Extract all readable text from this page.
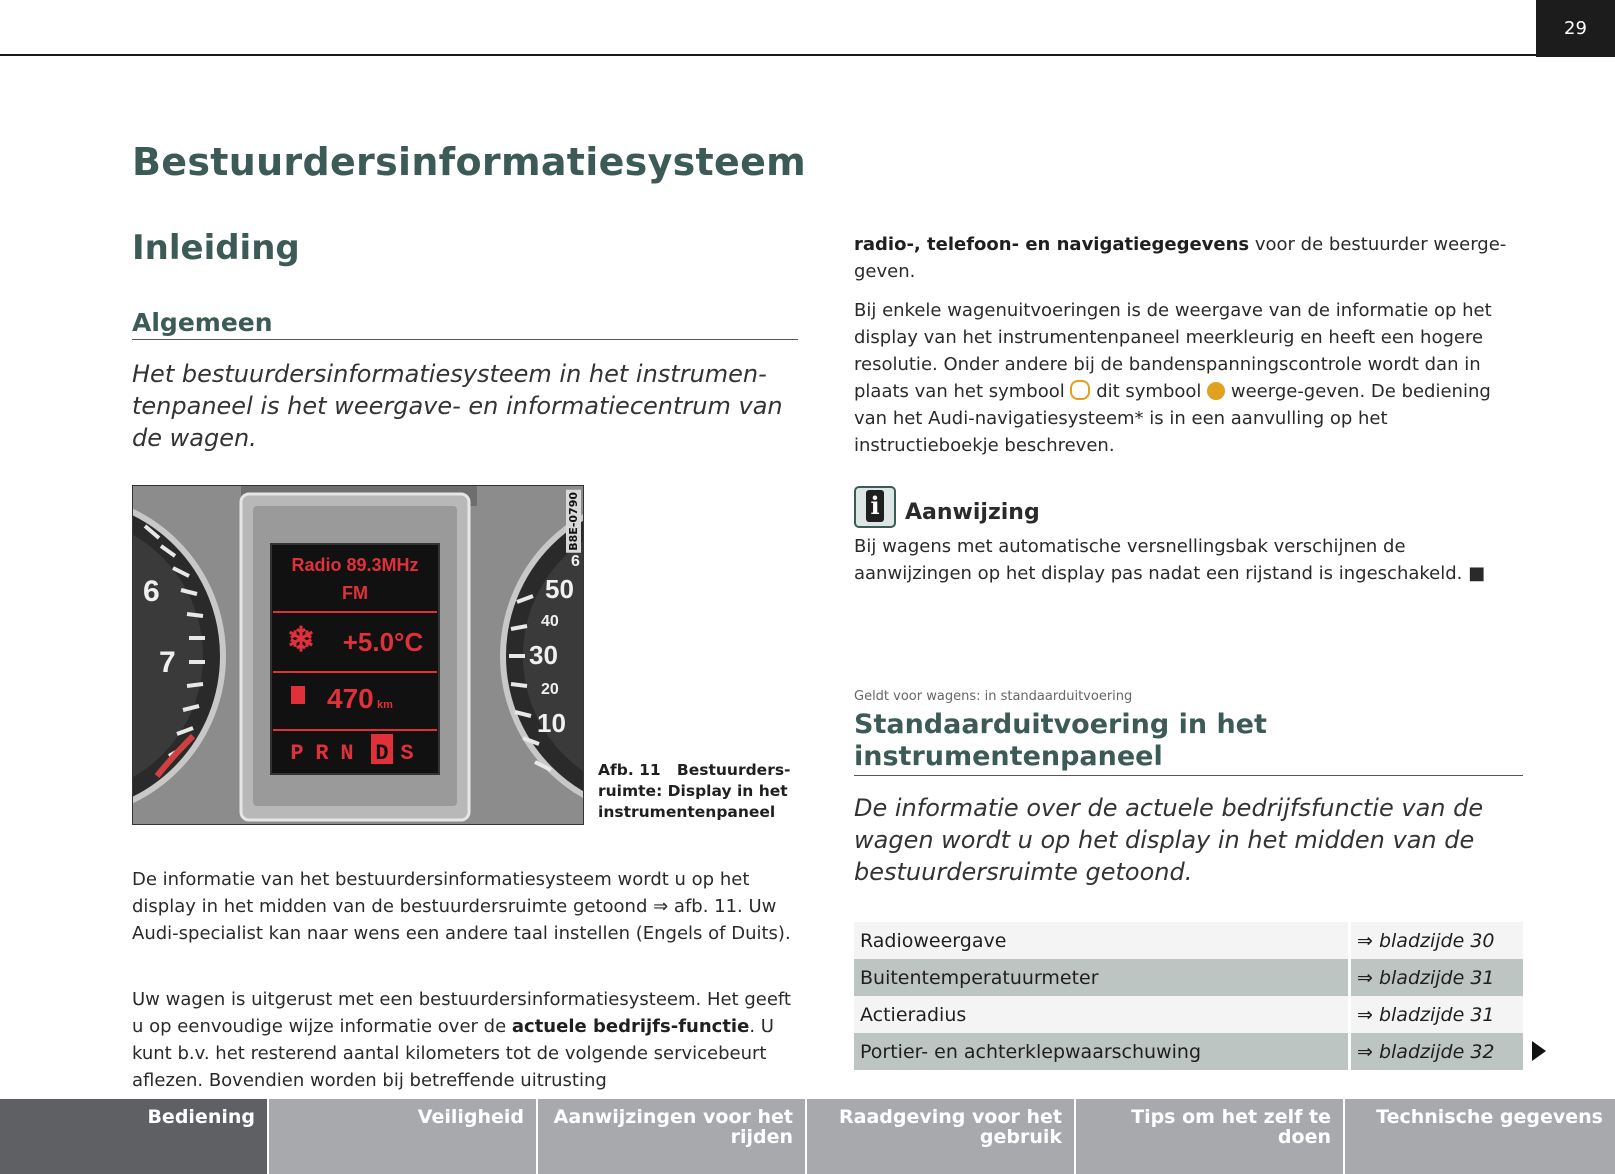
29
Bestuurdersinformatiesysteem
Inleiding
Algemeen

Het bestuurdersinformatiesysteem in het instrumen-tenpaneel is het weergave- en informatiecentrum van de wagen.

6
7
6
50
40
30
20
10
Radio 89.3MHz
FM
❄ +5.0°C
470 km
P R N D S
B8E-0790

Afb. 11 Bestuurders-ruimte: Display in het instrumentenpaneel

De informatie van het bestuurdersinformatiesysteem wordt u op het display in het midden van de bestuurdersruimte getoond ⇒ afb. 11. Uw Audi-specialist kan naar wens een andere taal instellen (Engels of Duits).

Uw wagen is uitgerust met een bestuurdersinformatiesysteem. Het geeft u op eenvoudige wijze informatie over de actuele bedrijfs-functie. U kunt b.v. het resterend aantal kilometers tot de volgende servicebeurt aflezen. Bovendien worden bij betreffende uitrusting

radio-, telefoon- en navigatiegegevens voor de bestuurder weerge-geven.

Bij enkele wagenuitvoeringen is de weergave van de informatie op het display van het instrumentenpaneel meerkleurig en heeft een hogere resolutie. Onder andere bij de bandenspanningscontrole wordt dan in plaats van het symbool  dit symbool  weerge-geven. De bediening van het Audi-navigatiesysteem* is in een aanvulling op het instructieboekje beschreven.

i Aanwijzing

Bij wagens met automatische versnellingsbak verschijnen de aanwijzingen op het display pas nadat een rijstand is ingeschakeld. ■

Geldt voor wagens: in standaarduitvoering
Standaarduitvoering in het instrumentenpaneel

De informatie over de actuele bedrijfsfunctie van de wagen wordt u op het display in het midden van de bestuurdersruimte getoond.

Radioweergave	⇒ bladzijde 30
Buitentemperatuurmeter	⇒ bladzijde 31
Actieradius	⇒ bladzijde 31
Portier- en achterklepwaarschuwing	⇒ bladzijde 32
Bediening	Veiligheid	Aanwijzingen voor het rijden
Raadgeving voor het gebruik
Tips om het zelf te doen
Technische gegevens
